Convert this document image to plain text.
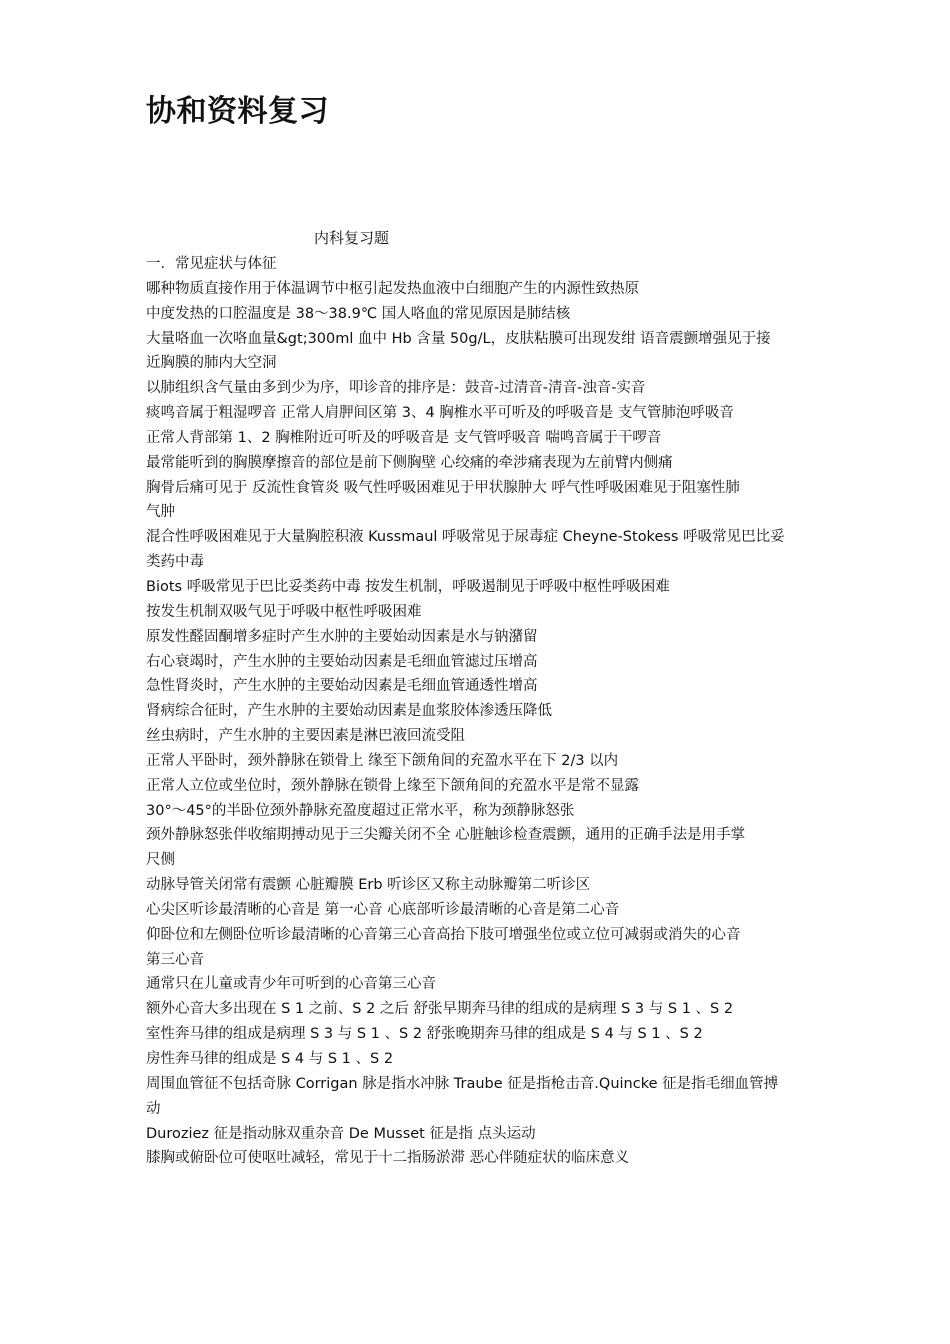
协和资料复习
内科复习题
一．常见症状与体征
哪种物质直接作用于体温调节中枢引起发热血液中白细胞产生的内源性致热原
中度发热的口腔温度是 38～38.9℃ 国人咯血的常见原因是肺结核
大量咯血一次咯血量&gt;300ml 血中 Hb 含量 50g/L，皮肤粘膜可出现发绀 语音震颤增强见于接
近胸膜的肺内大空洞
以肺组织含气量由多到少为序，叩诊音的排序是：鼓音-过清音-清音-浊音-实音
痰鸣音属于粗湿啰音 正常人肩胛间区第 3、4 胸椎水平可听及的呼吸音是 支气管肺泡呼吸音
正常人背部第 1、2 胸椎附近可听及的呼吸音是 支气管呼吸音 喘鸣音属于干啰音
最常能听到的胸膜摩擦音的部位是前下侧胸壁 心绞痛的牵涉痛表现为左前臂内侧痛
胸骨后痛可见于 反流性食管炎 吸气性呼吸困难见于甲状腺肿大 呼气性呼吸困难见于阻塞性肺
气肿
混合性呼吸困难见于大量胸腔积液 Kussmaul 呼吸常见于尿毒症 Cheyne-Stokess 呼吸常见巴比妥
类药中毒
Biots 呼吸常见于巴比妥类药中毒 按发生机制，呼吸遏制见于呼吸中枢性呼吸困难
按发生机制双吸气见于呼吸中枢性呼吸困难
原发性醛固酮增多症时产生水肿的主要始动因素是水与钠潴留
右心衰竭时，产生水肿的主要始动因素是毛细血管滤过压增高
急性肾炎时，产生水肿的主要始动因素是毛细血管通透性增高
肾病综合征时，产生水肿的主要始动因素是血浆胶体渗透压降低
丝虫病时，产生水肿的主要因素是淋巴液回流受阻
正常人平卧时，颈外静脉在锁骨上 缘至下颌角间的充盈水平在下 2/3 以内
正常人立位或坐位时，颈外静脉在锁骨上缘至下颌角间的充盈水平是常不显露
30°～45°的半卧位颈外静脉充盈度超过正常水平，称为颈静脉怒张
颈外静脉怒张伴收缩期搏动见于三尖瓣关闭不全 心脏触诊检查震颤，通用的正确手法是用手掌
尺侧
动脉导管关闭常有震颤 心脏瓣膜 Erb 听诊区又称主动脉瓣第二听诊区
心尖区听诊最清晰的心音是 第一心音 心底部听诊最清晰的心音是第二心音
仰卧位和左侧卧位听诊最清晰的心音第三心音高抬下肢可增强坐位或立位可减弱或消失的心音
第三心音
通常只在儿童或青少年可听到的心音第三心音
额外心音大多出现在 S 1 之前、S 2 之后 舒张早期奔马律的组成的是病理 S 3 与 S 1 、S 2
室性奔马律的组成是病理 S 3 与 S 1 、S 2 舒张晚期奔马律的组成是 S 4 与 S 1 、S 2
房性奔马律的组成是 S 4 与 S 1 、S 2
周围血管征不包括奇脉 Corrigan 脉是指水冲脉 Traube 征是指枪击音.Quincke 征是指毛细血管搏
动
Duroziez 征是指动脉双重杂音 De Musset 征是指 点头运动
膝胸或俯卧位可使呕吐减轻，常见于十二指肠淤滞 恶心伴随症状的临床意义
